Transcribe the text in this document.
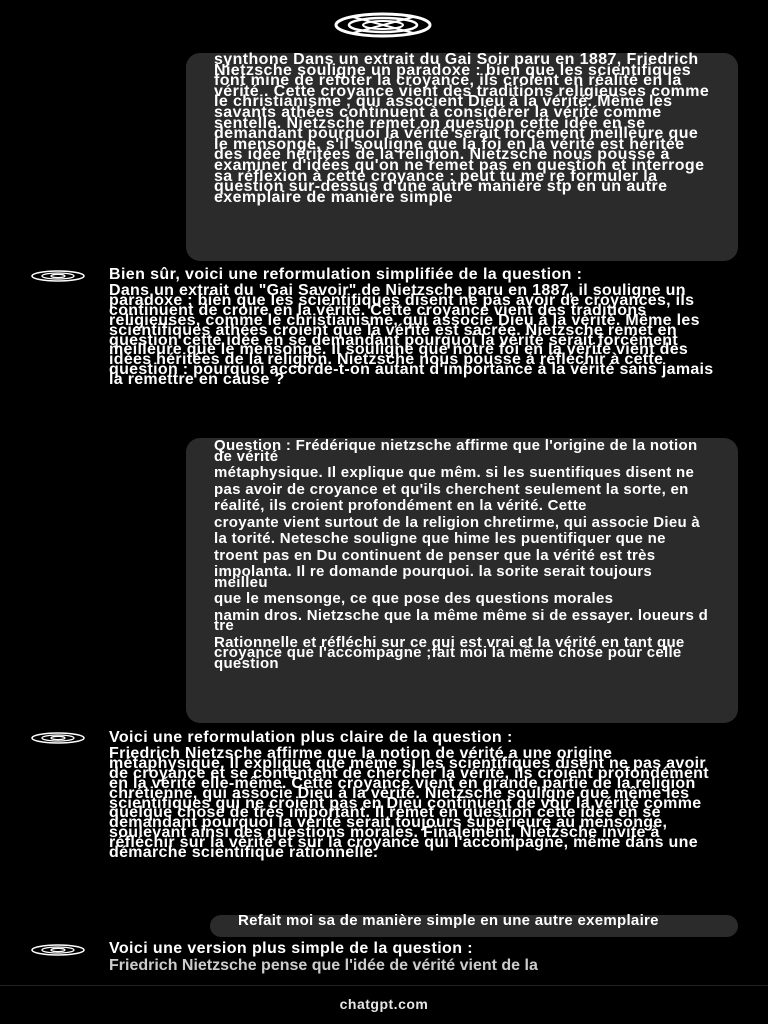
synthone Dans un extrait du Gai Soir paru en 1887, Friedrich Nietzsche souligne un paradoxe : bien que les scientifiques font mine de refoter la croyance, ils croient en réalité en la vérité . Cette croyance vient des traditions religieuses comme le christianisme , qui associent Dieu à la vérité. Même les savants athées continuent à considérer la vérité comme sentelle. Nietzsche remet on question cette idée en se demandant pourquoi la vérité serait forcément meilleure que le mensonge, s'il souligne que la foi en la vérité est héritée des idée héritées de la religion. Nietzsche nous pousse à examiner d'idées qu'on ne remet pas en question et interroge sa réflexion à cette croyance : peut tu me re formuler la question sur-dessus d'une autre manière stp en un autre exemplaire de manière simple

Bien sûr, voici une reformulation simplifiée de la question :

Dans un extrait du "Gai Savoir" de Nietzsche paru en 1887, il souligne un paradoxe : bien que les scientifiques disent ne pas avoir de croyances, ils continuent de croire en la vérité. Cette croyance vient des traditions religieuses, comme le christianisme, qui associe Dieu à la vérité. Même les scientifiques athées croient que la vérité est sacrée. Nietzsche remet en question cette idée en se demandant pourquoi la vérité serait forcément meilleure que le mensonge. Il souligne que notre foi en la vérité vient des idées héritées de la religion. Nietzsche nous pousse à réfléchir à cette question : pourquoi accorde-t-on autant d'importance à la vérité sans jamais la remettre en cause ?

Question : Frédérique nietzsche affirme que l'origine de la notion de vérité

métaphysique. Il explique que mêm. si les suentifiques disent ne

pas avoir de croyance et qu'ils cherchent seulement la sorte, en

réalité, ils croient profondément en la vérité. Cette

croyante vient surtout de la religion chretirme, qui associe Dieu à

la torité. Netesche souligne que hime les puentifiquer que ne

troent pas en Du continuent de penser que la vérité est très

impolanta. Il re domande pourquoi. la sorite serait toujours meilleu

que le mensonge, ce que pose des questions morales

namin dros. Nietzsche que la même même si de essayer. loueurs d tre

Rationnelle et réfléchi sur ce qui est vrai et la vérité en tant que croyance que l'accompagne ;fait moi la même chose pour celle question

Voici une reformulation plus claire de la question :

Friedrich Nietzsche affirme que la notion de vérité a une origine métaphysique. Il explique que même si les scientifiques disent ne pas avoir de croyance et se contentent de chercher la vérité, ils croient profondément en la vérité elle-même. Cette croyance vient en grande partie de la religion chrétienne, qui associe Dieu à la vérité. Nietzsche souligne que même les scientifiques qui ne croient pas en Dieu continuent de voir la vérité comme quelque chose de très important. Il remet en question cette idée en se demandant pourquoi la vérité serait toujours supérieure au mensonge, soulevant ainsi des questions morales. Finalement, Nietzsche invite à réfléchir sur la vérité et sur la croyance qui l'accompagne, même dans une démarche scientifique rationnelle.

Refait moi sa de manière simple en une autre exemplaire

Voici une version plus simple de la question :

Friedrich Nietzsche pense que l'idée de vérité vient de la
chatgpt.com
